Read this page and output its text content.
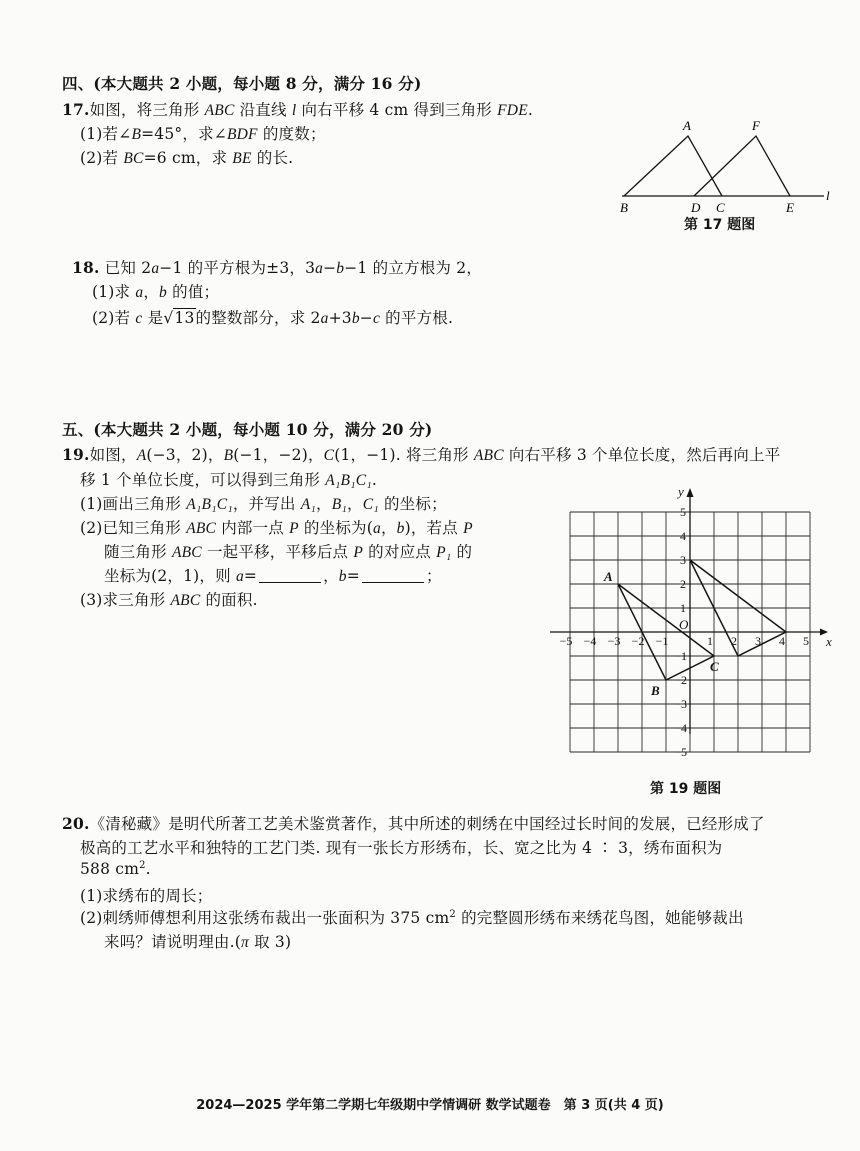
四、(本大题共 2 小题，每小题 8 分，满分 16 分)
17.如图，将三角形 ABC 沿直线 l 向右平移 4 cm 得到三角形 FDE.
(1)若∠B=45°，求∠BDF 的度数；
(2)若 BC=6 cm，求 BE 的长.
A	F
B	D C	E
l
第 17 题图
18. 已知 2a−1 的平方根为±3，3a−b−1 的立方根为 2，
(1)求 a，b 的值；
(2)若 c 是√13的整数部分，求 2a+3b−c 的平方根.
五、(本大题共 2 小题，每小题 10 分，满分 20 分)
19.如图，A(−3，2)，B(−1，−2)，C(1，−1). 将三角形 ABC 向右平移 3 个单位长度，然后再向上平
移 1 个单位长度，可以得到三角形 A₁B₁C₁.
(1)画出三角形 A₁B₁C₁，并写出 A₁，B₁，C₁ 的坐标；
(2)已知三角形 ABC 内部一点 P 的坐标为(a，b)，若点 P
随三角形 ABC 一起平移，平移后点 P 的对应点 P₁ 的
坐标为(2，1)，则 a=	，b=	；
(3)求三角形 ABC 的面积.
−5 −4 −3 −2 −1	1 2 3 4 5
5
4
3
2
1
−1
−2
−3
−4
−5
x
y
O
A
B
C
第 19 题图
20.《清秘藏》是明代所著工艺美术鉴赏著作，其中所述的刺绣在中国经过长时间的发展，已经形成了
极高的工艺水平和独特的工艺门类. 现有一张长方形绣布，长、宽之比为 4 ∶ 3，绣布面积为
588 $cm^2$.
(1)求绣布的周长；
(2)刺绣师傅想利用这张绣布裁出一张面积为 375 $cm^2$ 的完整圆形绣布来绣花鸟图，她能够裁出
来吗？请说明理由.(π 取 3)
2024—2025 学年第二学期七年级期中学情调研 数学试题卷　第 3 页(共 4 页)
